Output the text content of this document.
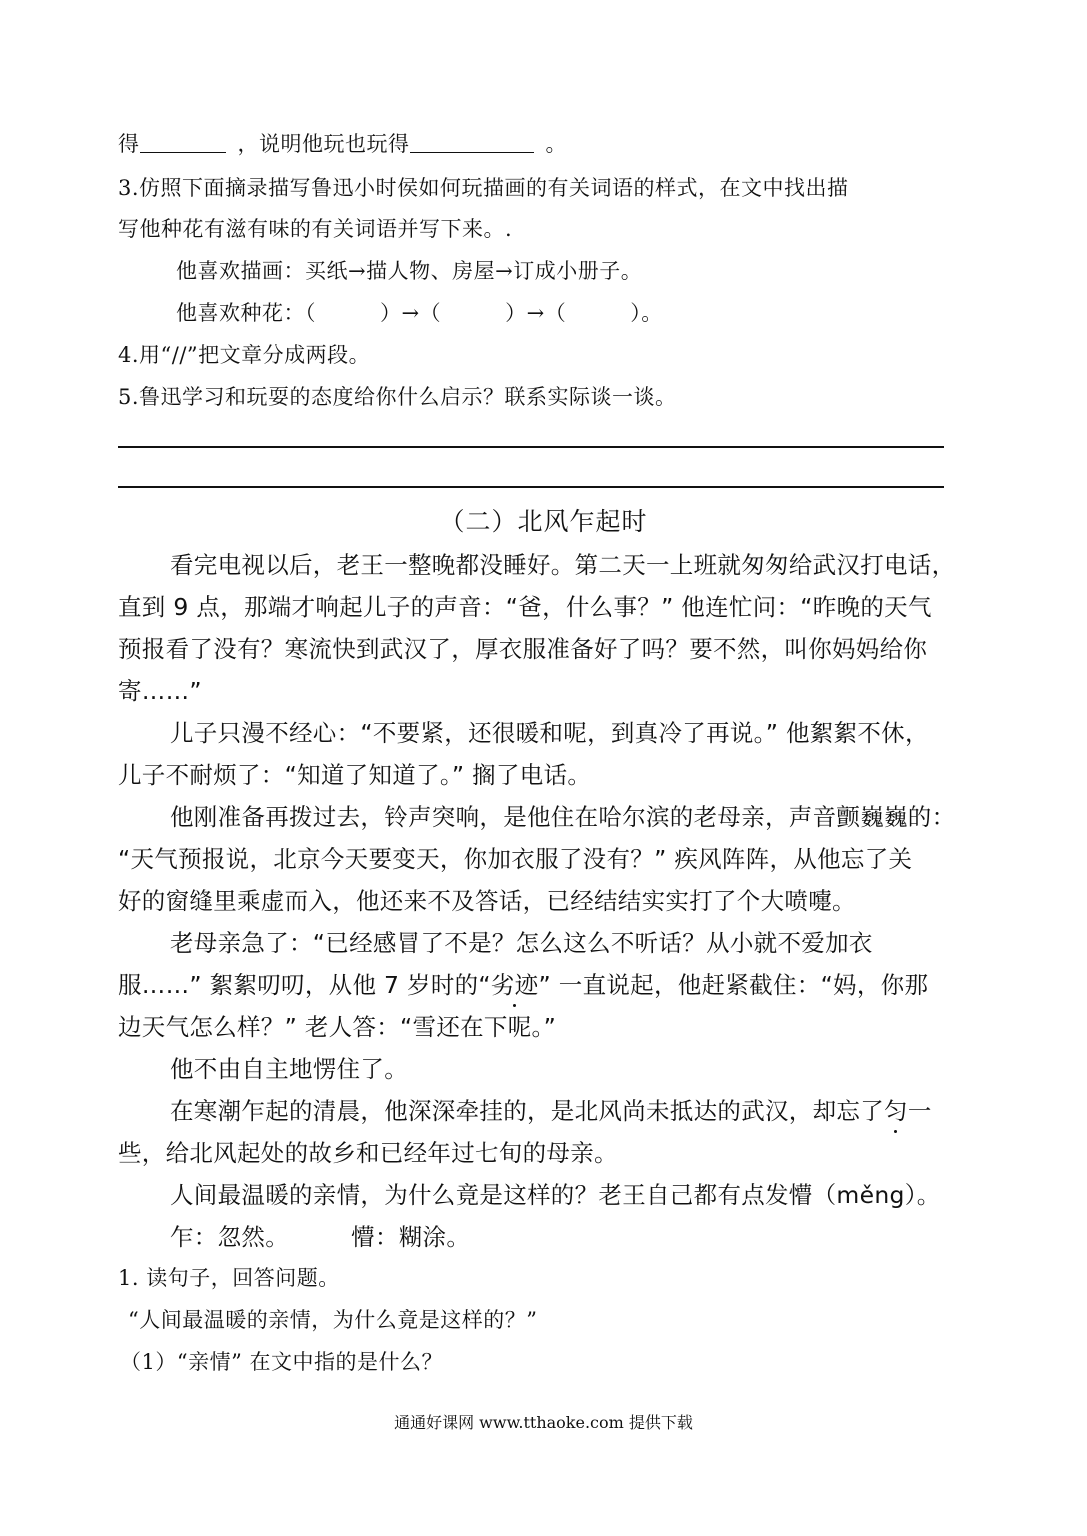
得	，说明他玩也玩得	。
3.仿照下面摘录描写鲁迅小时侯如何玩描画的有关词语的样式，在文中找出描
写他种花有滋有味的有关词语并写下来。.
他喜欢描画：买纸→描人物、房屋→订成小册子。
他喜欢种花：（	）→（	）→（	）。
4.用“//”把文章分成两段。
5.鲁迅学习和玩耍的态度给你什么启示？联系实际谈一谈。
（二）北风乍起时
看完电视以后，老王一整晚都没睡好。第二天一上班就匆匆给武汉打电话，
直到 9 点，那端才响起儿子的声音：“爸，什么事？” 他连忙问：“昨晚的天气
预报看了没有？寒流快到武汉了，厚衣服准备好了吗？要不然，叫你妈妈给你
寄……”
儿子只漫不经心：“不要紧，还很暖和呢，到真冷了再说。” 他絮絮不休，
儿子不耐烦了：“知道了知道了。” 搁了电话。
他刚准备再拨过去，铃声突响，是他住在哈尔滨的老母亲，声音颤巍巍的：
“天气预报说，北京今天要变天，你加衣服了没有？” 疾风阵阵，从他忘了关
好的窗缝里乘虚而入，他还来不及答话，已经结结实实打了个大喷嚏。
老母亲急了：“已经感冒了不是？怎么这么不听话？从小就不爱加衣
服……” 絮絮叨叨，从他 7 岁时的“劣迹” 一直说起，他赶紧截住：“妈，你那
边天气怎么样？” 老人答：“雪还在下呢。”
他不由自主地愣住了。
在寒潮乍起的清晨，他深深牵挂的，是北风尚未抵达的武汉，却忘了匀一
些，给北风起处的故乡和已经年过七旬的母亲。
人间最温暖的亲情，为什么竟是这样的？老王自己都有点发懵（měng）。
乍：忽然。        懵：糊涂。
1. 读句子，回答问题。
“人间最温暖的亲情，为什么竟是这样的？”
（1）“亲情” 在文中指的是什么？
通通好课网 www.tthaoke.com 提供下载
